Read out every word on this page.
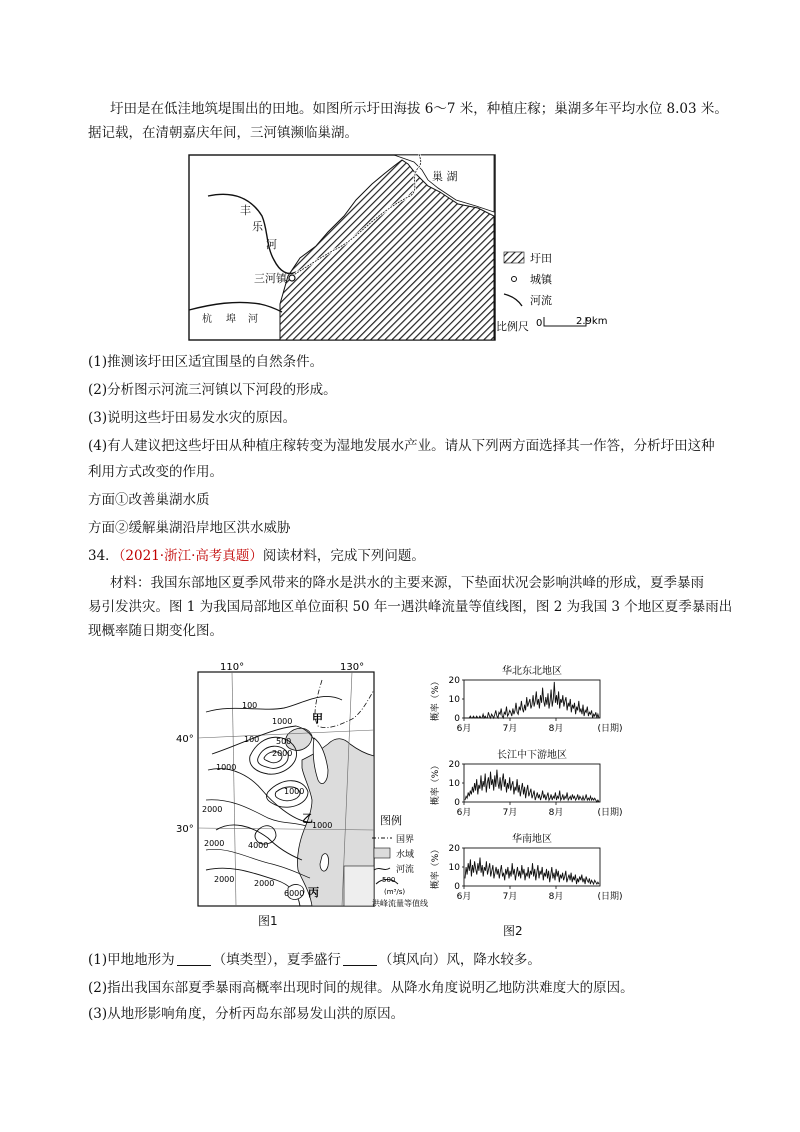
圩田是在低洼地筑堤围出的田地。如图所示圩田海拔 6～7 米，种植庄稼；巢湖多年平均水位 8.03 米。
据记载，在清朝嘉庆年间，三河镇濒临巢湖。
巢 湖
丰
乐
河
三河镇
杭 埠 河
圩田
城镇
河流
比例尺 0	2.9km
(1)推测该圩田区适宜围垦的自然条件。
(2)分析图示河流三河镇以下河段的形成。
(3)说明这些圩田易发水灾的原因。
(4)有人建议把这些圩田从种植庄稼转变为湿地发展水产业。请从下列两方面选择其一作答，分析圩田这种
利用方式改变的作用。
方面①改善巢湖水质
方面②缓解巢湖沿岸地区洪水威胁
34．（2021·浙江·高考真题）阅读材料，完成下列问题。
材料：我国东部地区夏季风带来的降水是洪水的主要来源，下垫面状况会影响洪峰的形成，夏季暴雨
易引发洪灾。图 1 为我国局部地区单位面积 50 年一遇洪峰流量等值线图，图 2 为我国 3 个地区夏季暴雨出
现概率随日期变化图。
110°	130°
40°
30°
100
1000
100 500
2000
1000
1000
2000
4000
2000
2000
6000
2000
1000
甲
乙
丙
图例
国界
水域
河流
500
(m³/s)
洪峰流量等值线
图1
华北东北地区
概率（%） 0
10
20
6月	7月	8月	(日期)
长江中下游地区
概率（%） 0
10
20
6月	7月	8月	(日期)
华南地区
概率（%） 0
10
20
6月	7月	8月	(日期)
图2
(1)甲地地形为	（填类型），夏季盛行	（填风向）风，降水较多。
(2)指出我国东部夏季暴雨高概率出现时间的规律。从降水角度说明乙地防洪难度大的原因。
(3)从地形影响角度，分析丙岛东部易发山洪的原因。
